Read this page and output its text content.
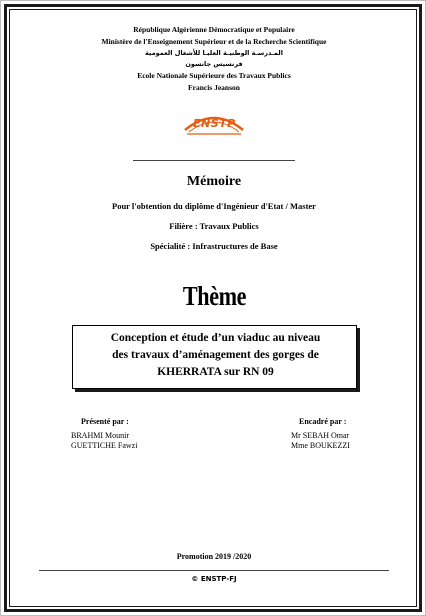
République Algérienne Démocratique et Populaire
Ministère de l'Enseignement Supérieur et de la Recherche Scientifique
المـدرسـة الوطنيـة العليـا للأشغال العمومية
فرنسيس جانسون
Ecole Nationale Supérieure des Travaux Publics
Francis Jeanson
ENSTP
Mémoire
Pour l'obtention du diplôme d'Ingénieur d'Etat / Master
Filière : Travaux Publics
Spécialité : Infrastructures de Base
Thème
Conception et étude d’un viaduc au niveau
des travaux d’aménagement des gorges de
KHERRATA sur RN 09
Présenté par :
BRAHMI Mounir
GUETTICHE Fawzi
Encadré par :
Mr SEBAH Omar
Mme BOUKEZZI
Promotion 2019 /2020
© ENSTP-FJ
